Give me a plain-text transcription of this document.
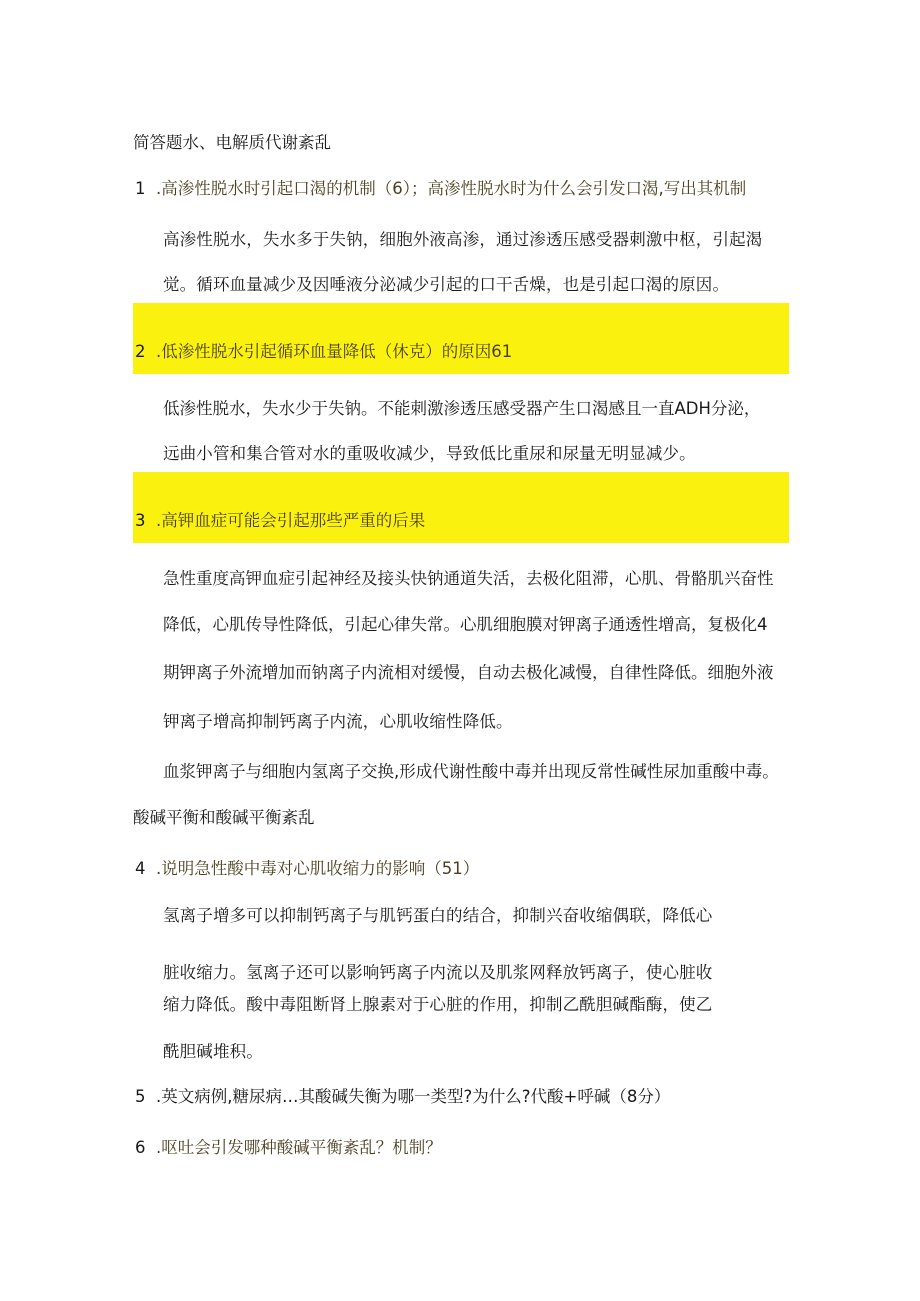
简答题水、电解质代谢紊乱
1 .高渗性脱水时引起口渴的机制（6）；高渗性脱水时为什么会引发口渴,写出其机制
高渗性脱水，失水多于失钠，细胞外液高渗，通过渗透压感受器刺激中枢，引起渴
觉。循环血量减少及因唾液分泌减少引起的口干舌燥，也是引起口渴的原因。
2 .低渗性脱水引起循环血量降低（休克）的原因61
低渗性脱水，失水少于失钠。不能刺激渗透压感受器产生口渴感且一直ADH分泌，
远曲小管和集合管对水的重吸收减少，导致低比重尿和尿量无明显减少。
3 .高钾血症可能会引起那些严重的后果
急性重度高钾血症引起神经及接头快钠通道失活，去极化阻滞，心肌、骨骼肌兴奋性
降低，心肌传导性降低，引起心律失常。心肌细胞膜对钾离子通透性增高，复极化4
期钾离子外流增加而钠离子内流相对缓慢，自动去极化减慢，自律性降低。细胞外液
钾离子增高抑制钙离子内流，心肌收缩性降低。
血浆钾离子与细胞内氢离子交换,形成代谢性酸中毒并出现反常性碱性尿加重酸中毒。
酸碱平衡和酸碱平衡紊乱
4 .说明急性酸中毒对心肌收缩力的影响（51）
氢离子增多可以抑制钙离子与肌钙蛋白的结合，抑制兴奋收缩偶联，降低心
脏收缩力。氢离子还可以影响钙离子内流以及肌浆网释放钙离子，使心脏收
缩力降低。酸中毒阻断肾上腺素对于心脏的作用，抑制乙酰胆碱酯酶，使乙
酰胆碱堆积。
5 .英文病例,糖尿病…其酸碱失衡为哪一类型?为什么?代酸+呼碱（8分）
6 .呕吐会引发哪种酸碱平衡紊乱？机制？
